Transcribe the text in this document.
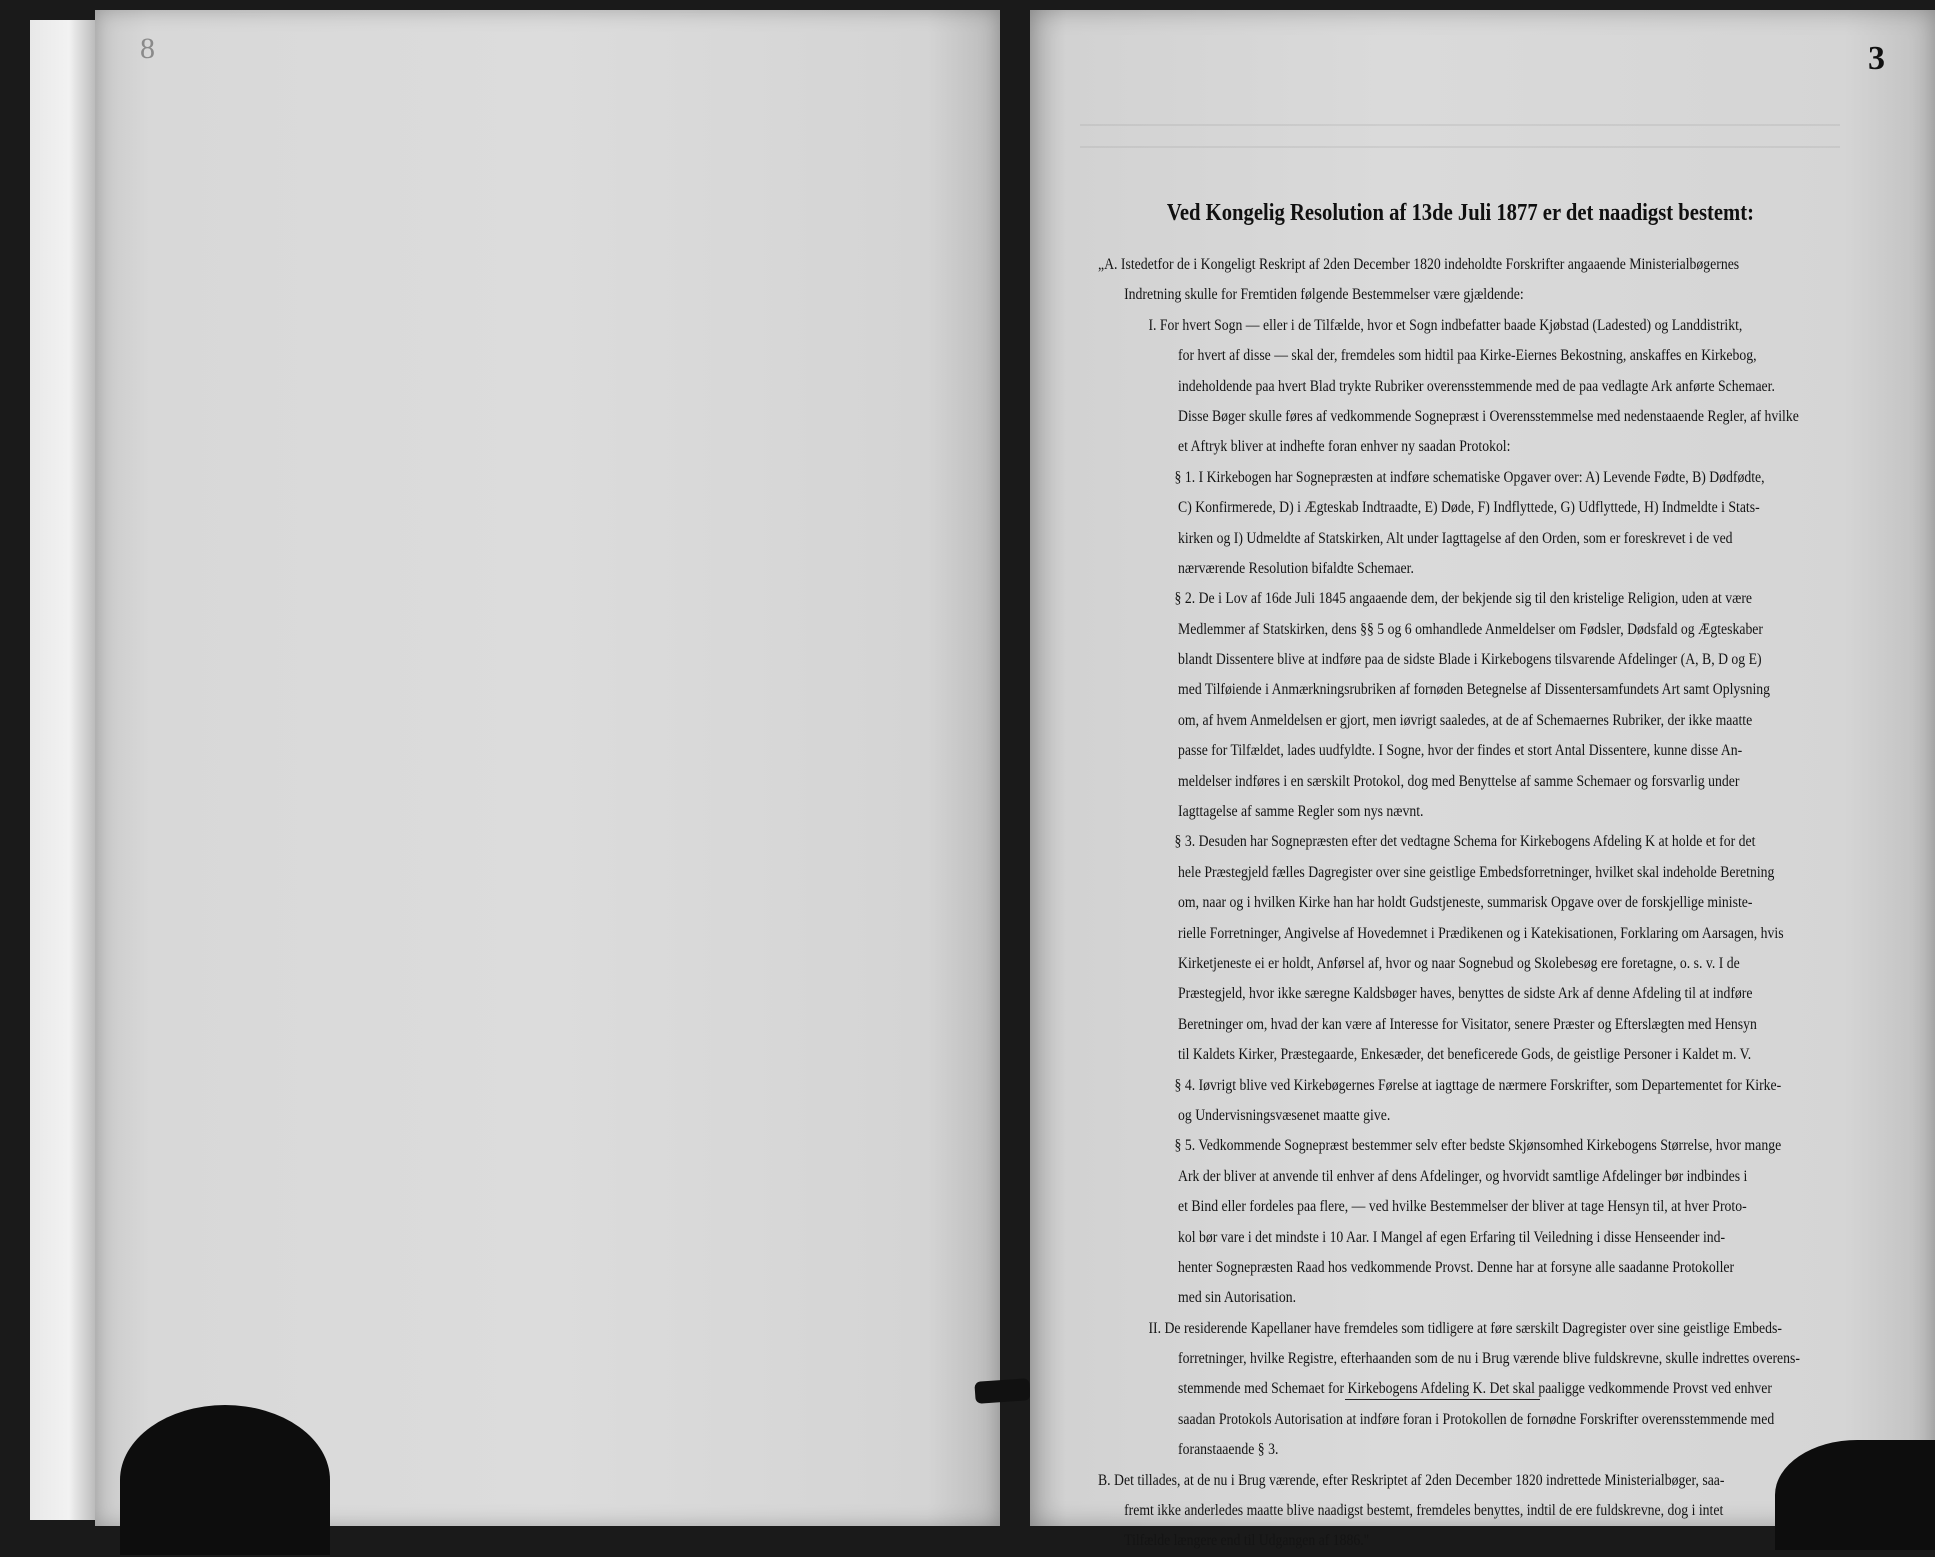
8	3
Ved Kongelig Resolution af 13de Juli 1877 er det naadigst bestemt:
„A. Istedetfor de i Kongeligt Reskript af 2den December 1820 indeholdte Forskrifter angaaende Ministerialbøgernes
Indretning skulle for Fremtiden følgende Bestemmelser være gjældende:
I. For hvert Sogn — eller i de Tilfælde, hvor et Sogn indbefatter baade Kjøbstad (Ladested) og Landdistrikt,
for hvert af disse — skal der, fremdeles som hidtil paa Kirke-Eiernes Bekostning, anskaffes en Kirkebog,
indeholdende paa hvert Blad trykte Rubriker overensstemmende med de paa vedlagte Ark anførte Schemaer.
Disse Bøger skulle føres af vedkommende Sognepræst i Overensstemmelse med nedenstaaende Regler, af hvilke
et Aftryk bliver at indhefte foran enhver ny saadan Protokol:
§ 1. I Kirkebogen har Sognepræsten at indføre schematiske Opgaver over: A) Levende Fødte, B) Dødfødte,
C) Konfirmerede, D) i Ægteskab Indtraadte, E) Døde, F) Indflyttede, G) Udflyttede, H) Indmeldte i Stats-
kirken og I) Udmeldte af Statskirken, Alt under Iagttagelse af den Orden, som er foreskrevet i de ved
nærværende Resolution bifaldte Schemaer.
§ 2. De i Lov af 16de Juli 1845 angaaende dem, der bekjende sig til den kristelige Religion, uden at være
Medlemmer af Statskirken, dens §§ 5 og 6 omhandlede Anmeldelser om Fødsler, Dødsfald og Ægteskaber
blandt Dissentere blive at indføre paa de sidste Blade i Kirkebogens tilsvarende Afdelinger (A, B, D og E)
med Tilføiende i Anmærkningsrubriken af fornøden Betegnelse af Dissentersamfundets Art samt Oplysning
om, af hvem Anmeldelsen er gjort, men iøvrigt saaledes, at de af Schemaernes Rubriker, der ikke maatte
passe for Tilfældet, lades uudfyldte. I Sogne, hvor der findes et stort Antal Dissentere, kunne disse An-
meldelser indføres i en særskilt Protokol, dog med Benyttelse af samme Schemaer og forsvarlig under
Iagttagelse af samme Regler som nys nævnt.
§ 3. Desuden har Sognepræsten efter det vedtagne Schema for Kirkebogens Afdeling K at holde et for det
hele Præstegjeld fælles Dagregister over sine geistlige Embedsforretninger, hvilket skal indeholde Beretning
om, naar og i hvilken Kirke han har holdt Gudstjeneste, summarisk Opgave over de forskjellige ministe-
rielle Forretninger, Angivelse af Hovedemnet i Prædikenen og i Katekisationen, Forklaring om Aarsagen, hvis
Kirketjeneste ei er holdt, Anførsel af, hvor og naar Sognebud og Skolebesøg ere foretagne, o. s. v. I de
Præstegjeld, hvor ikke særegne Kaldsbøger haves, benyttes de sidste Ark af denne Afdeling til at indføre
Beretninger om, hvad der kan være af Interesse for Visitator, senere Præster og Efterslægten med Hensyn
til Kaldets Kirker, Præstegaarde, Enkesæder, det beneficerede Gods, de geistlige Personer i Kaldet m. V.
§ 4. Iøvrigt blive ved Kirkebøgernes Førelse at iagttage de nærmere Forskrifter, som Departementet for Kirke-
og Undervisningsvæsenet maatte give.
§ 5. Vedkommende Sognepræst bestemmer selv efter bedste Skjønsomhed Kirkebogens Størrelse, hvor mange
Ark der bliver at anvende til enhver af dens Afdelinger, og hvorvidt samtlige Afdelinger bør indbindes i
et Bind eller fordeles paa flere, — ved hvilke Bestemmelser der bliver at tage Hensyn til, at hver Proto-
kol bør vare i det mindste i 10 Aar. I Mangel af egen Erfaring til Veiledning i disse Henseender ind-
henter Sognepræsten Raad hos vedkommende Provst. Denne har at forsyne alle saadanne Protokoller
med sin Autorisation.
II. De residerende Kapellaner have fremdeles som tidligere at føre særskilt Dagregister over sine geistlige Embeds-
forretninger, hvilke Registre, efterhaanden som de nu i Brug værende blive fuldskrevne, skulle indrettes overens-
stemmende med Schemaet for Kirkebogens Afdeling K. Det skal paaligge vedkommende Provst ved enhver
saadan Protokols Autorisation at indføre foran i Protokollen de fornødne Forskrifter overensstemmende med
foranstaaende § 3.
B. Det tillades, at de nu i Brug værende, efter Reskriptet af 2den December 1820 indrettede Ministerialbøger, saa-
fremt ikke anderledes maatte blive naadigst bestemt, fremdeles benyttes, indtil de ere fuldskrevne, dog i intet
Tilfælde længere end til Udgangen af 1886."
